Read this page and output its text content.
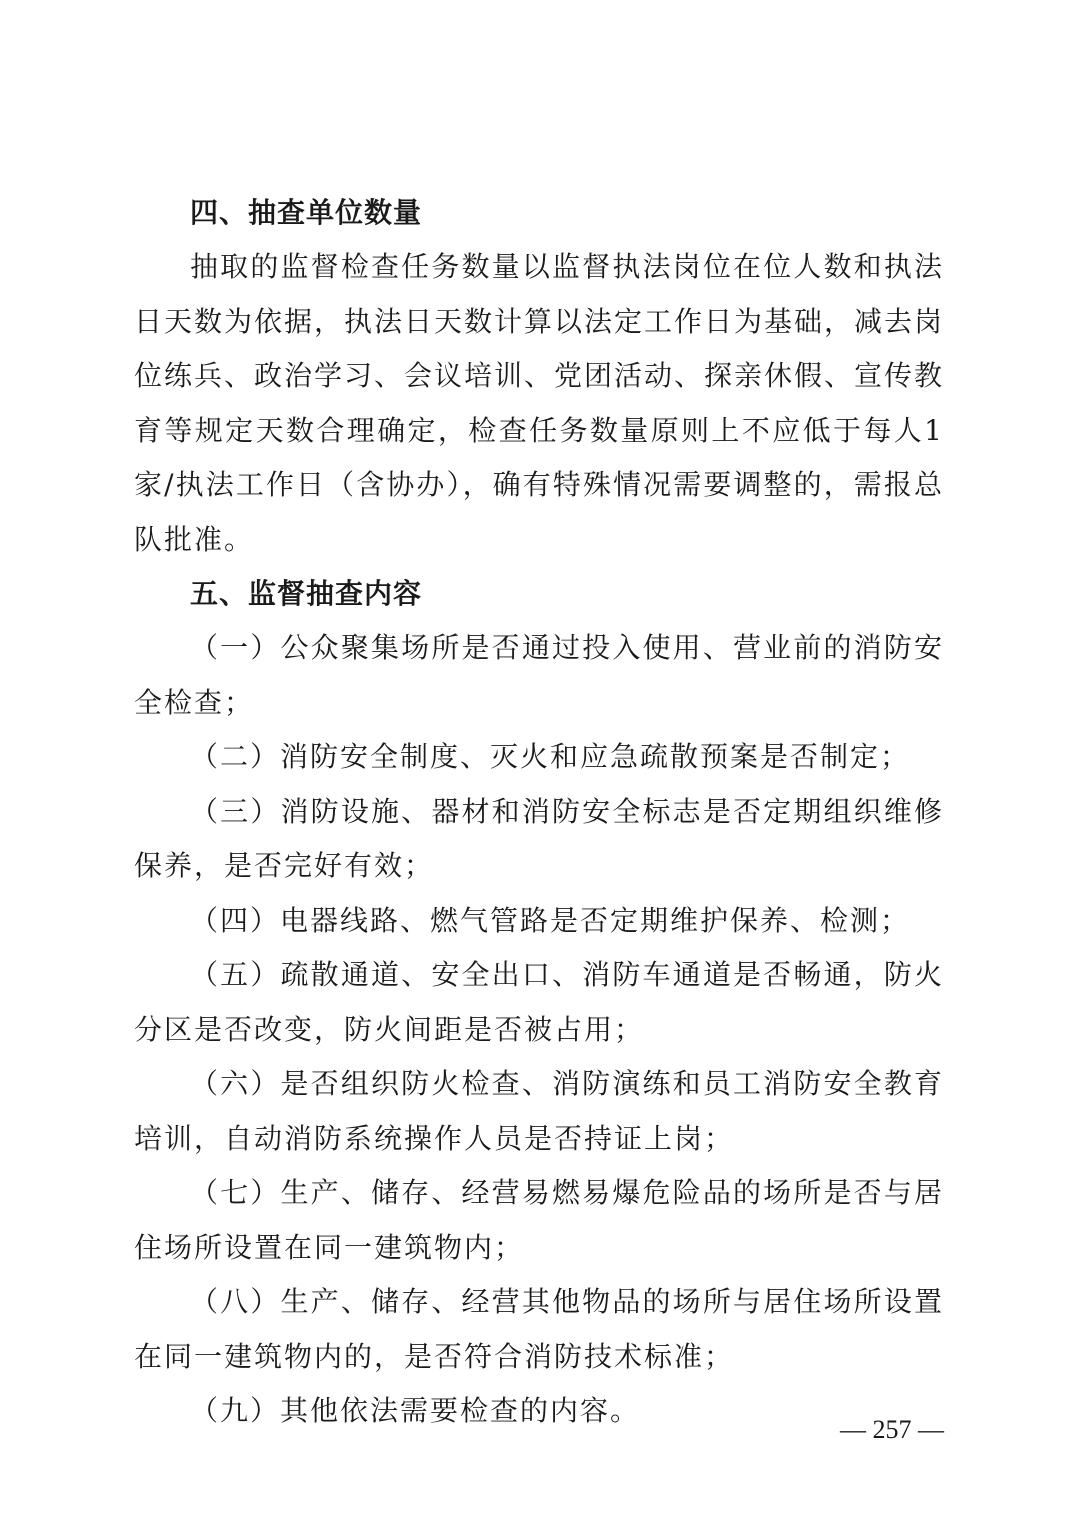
四、抽查单位数量

抽取的监督检查任务数量以监督执法岗位在位人数和执法日天数为依据，执法日天数计算以法定工作日为基础，减去岗位练兵、政治学习、会议培训、党团活动、探亲休假、宣传教育等规定天数合理确定，检查任务数量原则上不应低于每人1家/执法工作日（含协办），确有特殊情况需要调整的，需报总队批准。

五、监督抽查内容

（一）公众聚集场所是否通过投入使用、营业前的消防安全检查；

（二）消防安全制度、灭火和应急疏散预案是否制定；

（三）消防设施、器材和消防安全标志是否定期组织维修保养，是否完好有效；

（四）电器线路、燃气管路是否定期维护保养、检测；

（五）疏散通道、安全出口、消防车通道是否畅通，防火分区是否改变，防火间距是否被占用；

（六）是否组织防火检查、消防演练和员工消防安全教育培训，自动消防系统操作人员是否持证上岗；

（七）生产、储存、经营易燃易爆危险品的场所是否与居住场所设置在同一建筑物内；

（八）生产、储存、经营其他物品的场所与居住场所设置在同一建筑物内的，是否符合消防技术标准；

（九）其他依法需要检查的内容。

— 257 —
